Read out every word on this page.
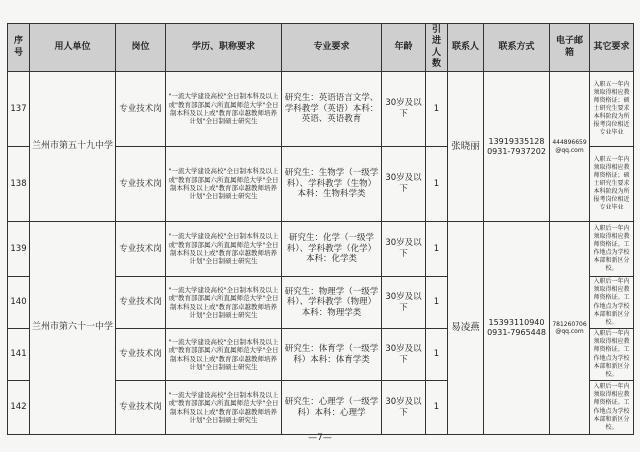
序号	用人单位	岗位	学历、职称要求	专业要求	年龄	引进人数	联系人	联系方式	电子邮箱	其它要求
137	兰州市第五十九中学	专业技术岗	"一流大学建设高校"全日制本科及以上或"教育部部属六所直属师范大学"全日制本科及以上或"教育部卓越教师培养计划"全日制硕士研究生	研究生：英语语言文学、学科教学（英语）本科：英语、英语教育	30岁及以下	1	张晓丽	13919335128 0931-7937202	444896659@qq.com	入职五一年内须取得相应教师资格证；硕士研究生要求本科阶段为所报考岗位相近专业毕业
138		专业技术岗	"一流大学建设高校"全日制本科及以上或"教育部部属六所直属师范大学"全日制本科及以上或"教育部卓越教师培养计划"全日制硕士研究生	研究生：生物学（一级学科）、学科教学（生物）本科：生物科学类	30岁及以下	1				入职五一年内须取得相应教师资格证；硕士研究生要求本科阶段为所报考岗位相近专业毕业
139	兰州市第六十一中学	专业技术岗	"一流大学建设高校"全日制本科及以上或"教育部部属六所直属师范大学"全日制本科及以上或"教育部卓越教师培养计划"全日制硕士研究生	研究生：化学（一级学科）、学科教学（化学）本科：化学类	30岁及以下	1	易凌燕	15393110940 0931-7965448	781260706@qq.com	入职后一年内须取得相应教师资格证。工作地点为学校本部和新区分校。
140		专业技术岗	"一流大学建设高校"全日制本科及以上或"教育部部属六所直属师范大学"全日制本科及以上或"教育部卓越教师培养计划"全日制硕士研究生	研究生：物理学（一级学科）、学科教学（物理）本科：物理学类	30岁及以下	1				入职后一年内须取得相应教师资格证。工作地点为学校本部和新区分校。
141		专业技术岗	"一流大学建设高校"全日制本科及以上或"教育部部属六所直属师范大学"全日制本科及以上或"教育部卓越教师培养计划"全日制硕士研究生	研究生：体育学（一级学科）本科：体育学类	30岁及以下	1				入职后一年内须取得相应教师资格证。工作地点为学校本部和新区分校。
142		专业技术岗	"一流大学建设高校"全日制本科及以上或"教育部部属六所直属师范大学"全日制本科及以上或"教育部卓越教师培养计划"全日制硕士研究生	研究生：心理学（一级学科）本科：心理学	30岁及以下	1				入职后一年内须取得相应教师资格证。工作地点为学校本部和新区分校。
—7—
